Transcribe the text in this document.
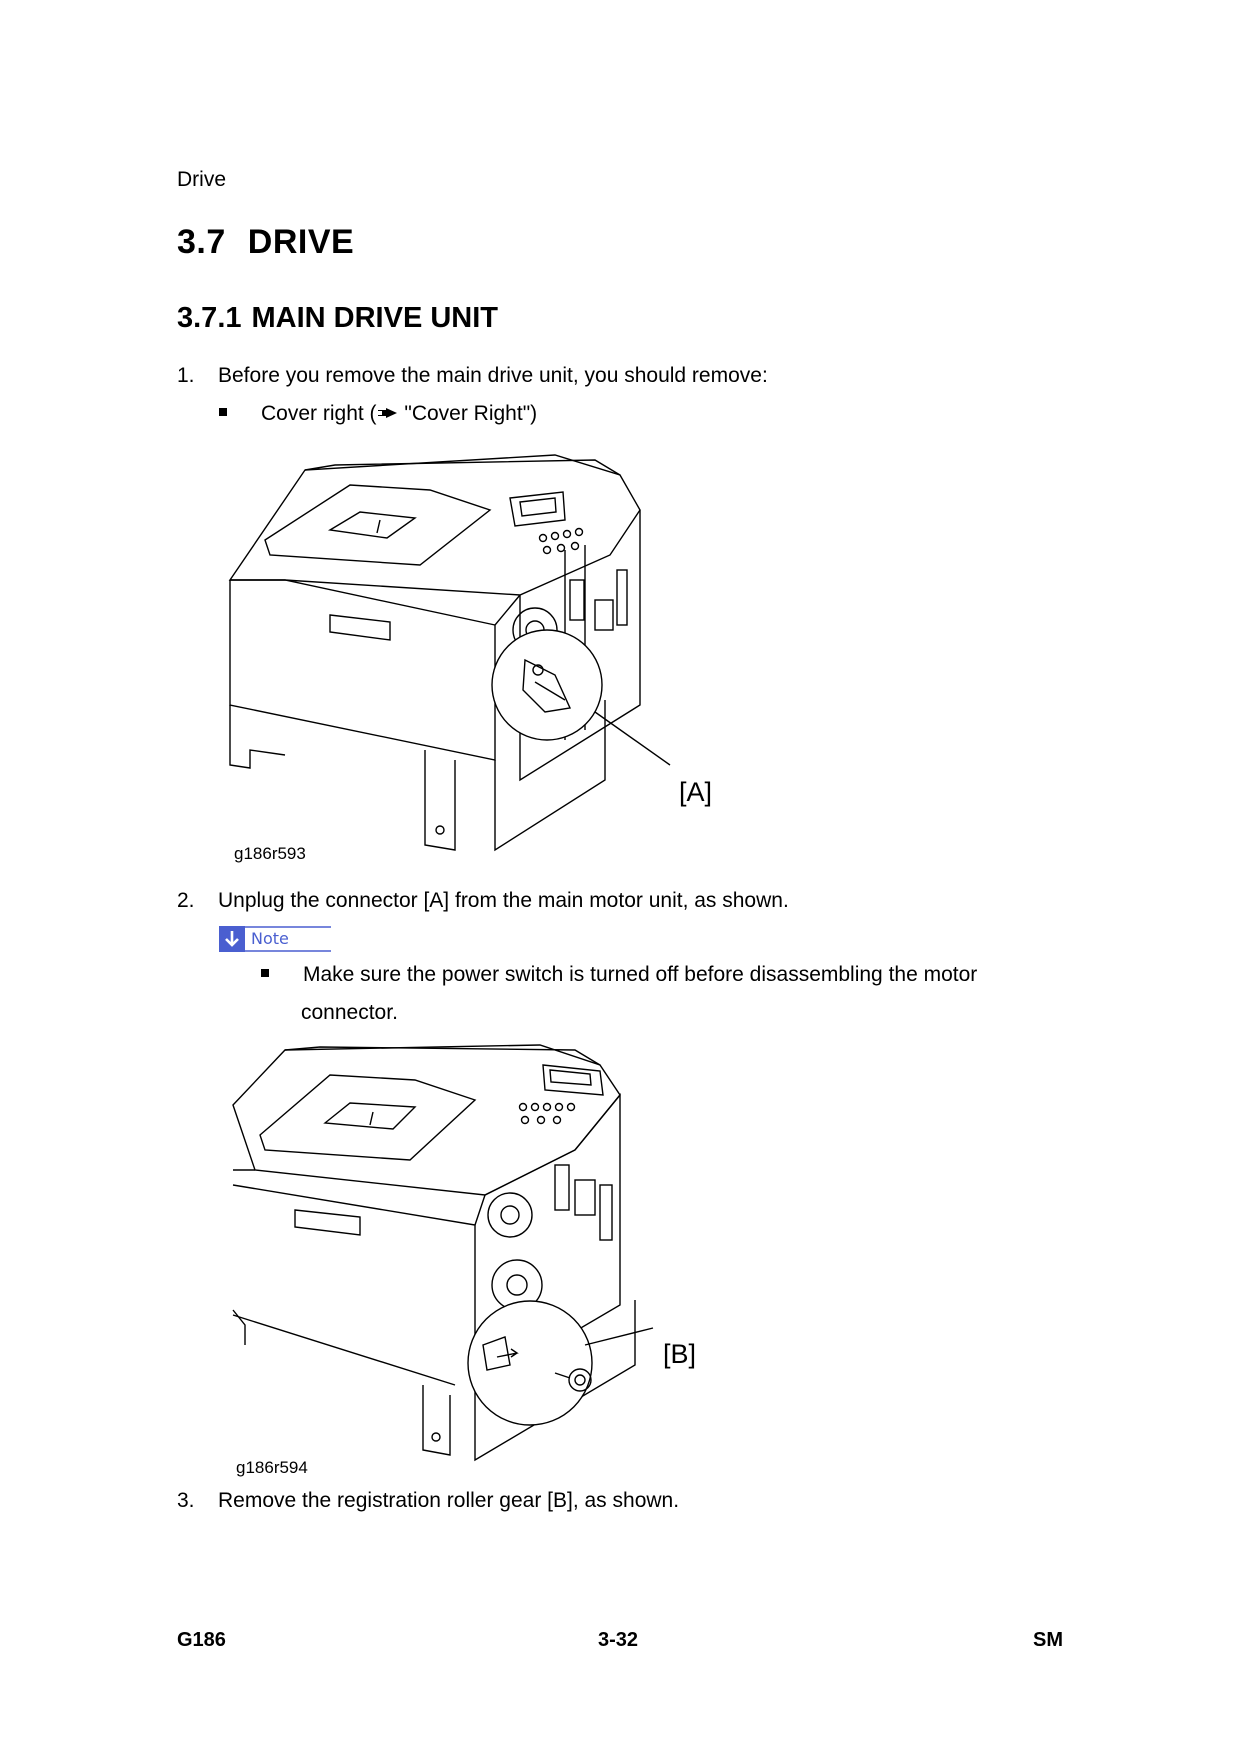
Drive
3.7 DRIVE
3.7.1 MAIN DRIVE UNIT
1. Before you remove the main drive unit, you should remove:
Cover right ( "Cover Right")
[A]
g186r593
2. Unplug the connector [A] from the main motor unit, as shown.
Note
Make sure the power switch is turned off before disassembling the motor
connector.
[B]
g186r594
3. Remove the registration roller gear [B], as shown.
G186	3-32	SM
